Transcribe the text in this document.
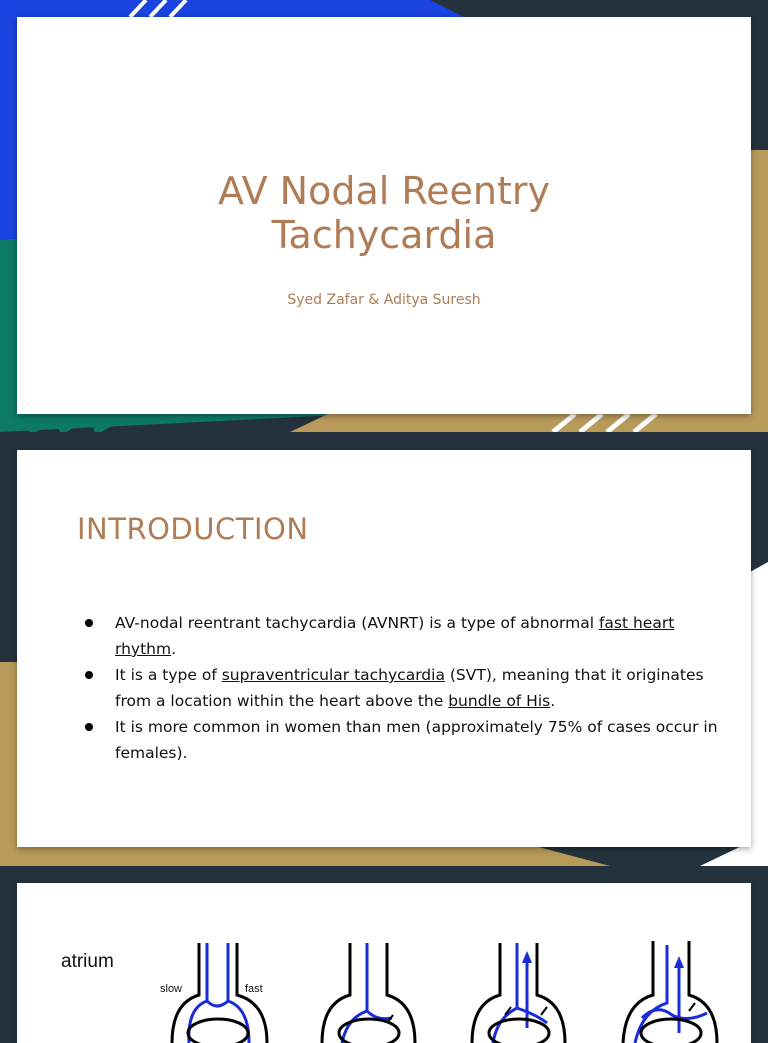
AV Nodal Reentry
Tachycardia
Syed Zafar & Aditya Suresh
INTRODUCTION
AV-nodal reentrant tachycardia (AVNRT) is a type of abnormal fast heart rhythm.
It is a type of supraventricular tachycardia (SVT), meaning that it originates from a location within the heart above the bundle of His.
It is more common in women than men (approximately 75% of cases occur in females).
atrium
slow	fast
